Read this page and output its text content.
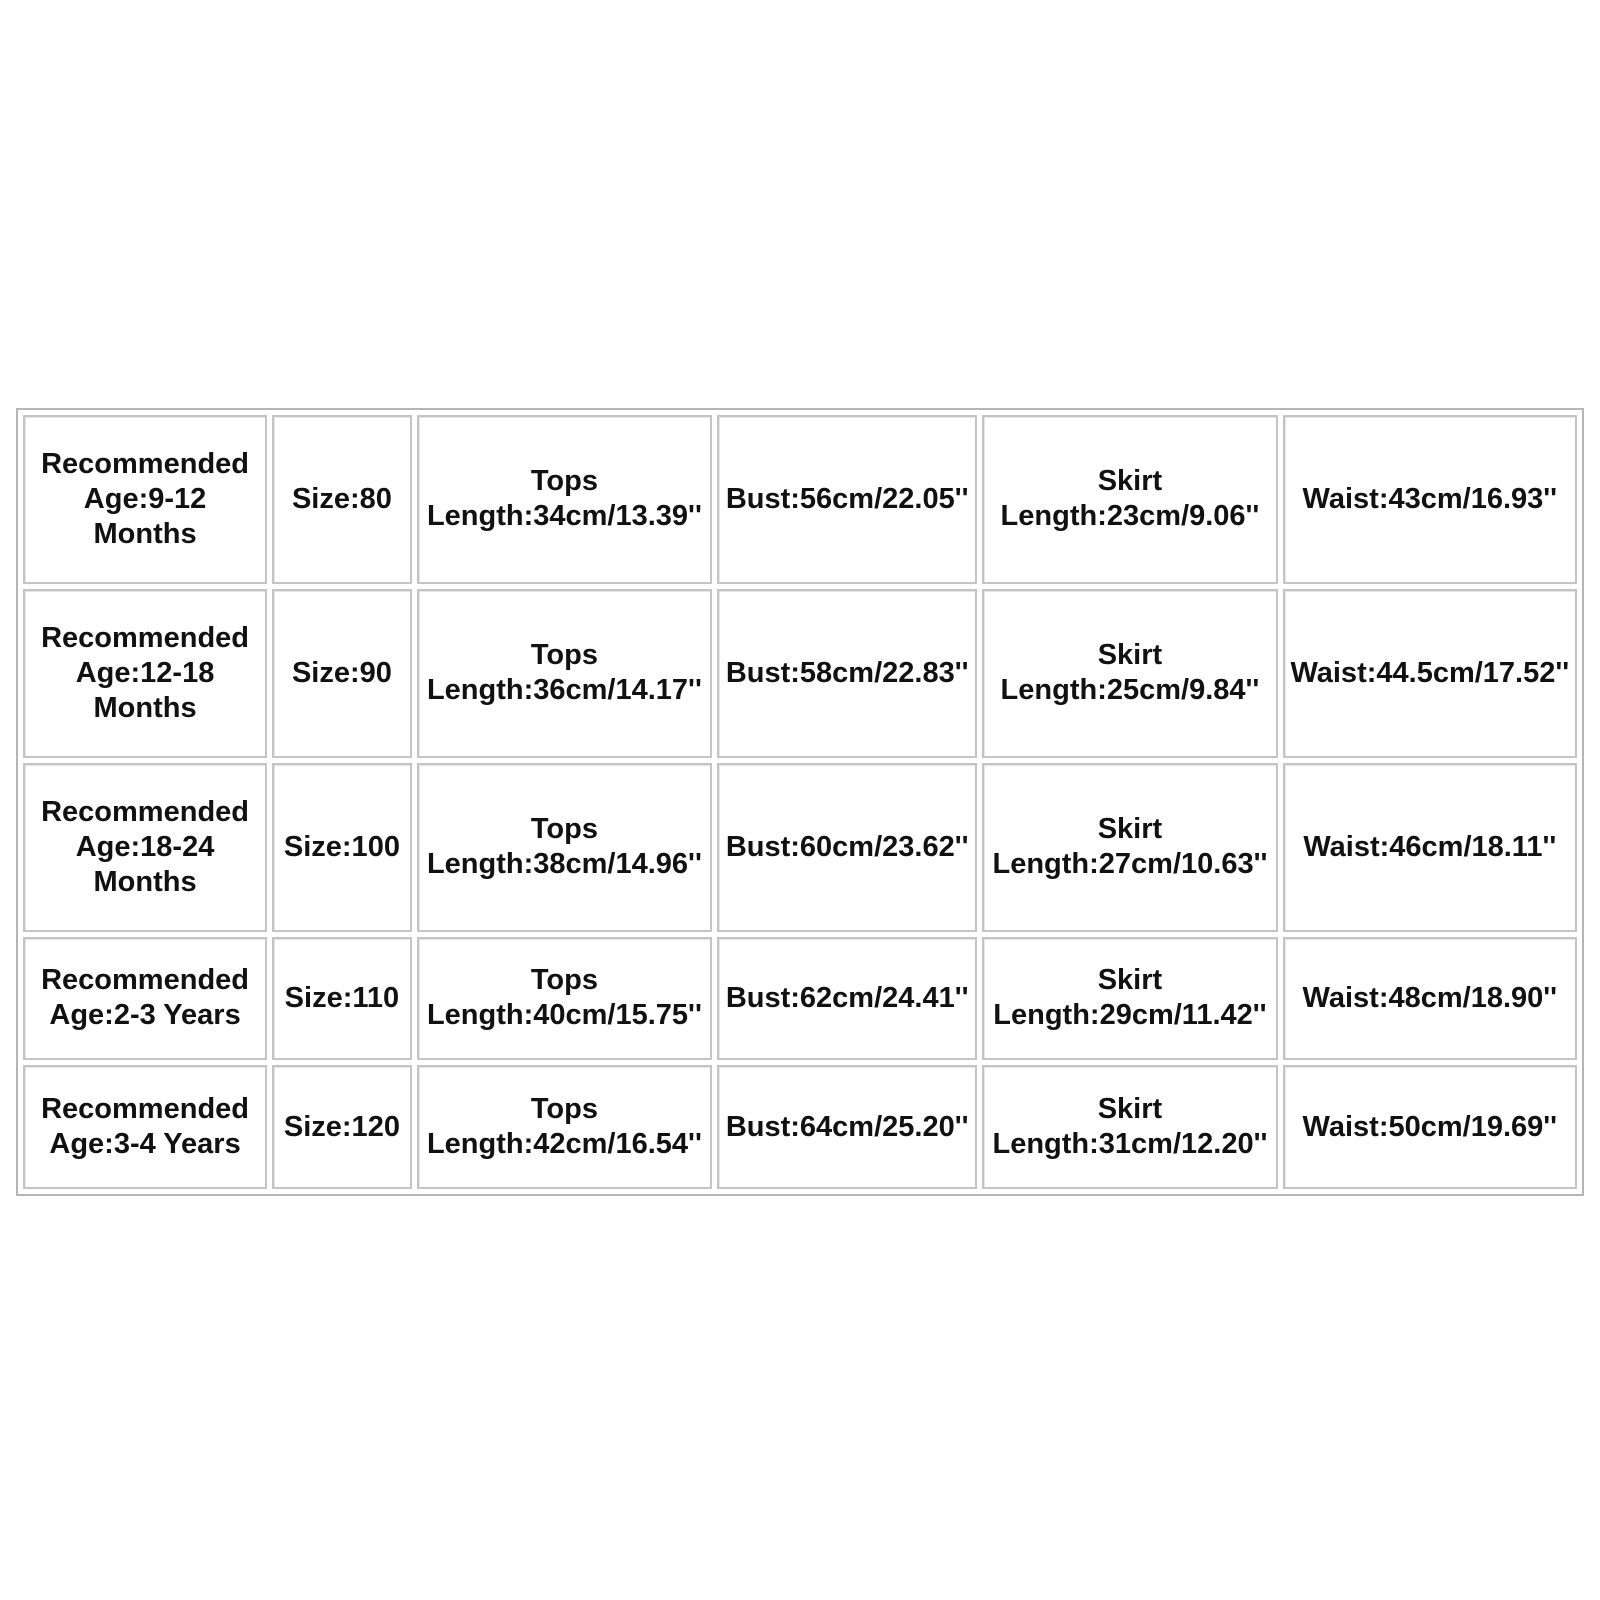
Recommended
Age:9-12
Months	Size:80	Tops
Length:34cm/13.39''	Bust:56cm/22.05''	Skirt
Length:23cm/9.06''	Waist:43cm/16.93''

Recommended
Age:12-18
Months	Size:90	Tops
Length:36cm/14.17''	Bust:58cm/22.83''	Skirt
Length:25cm/9.84''	Waist:44.5cm/17.52''

Recommended
Age:18-24
Months	Size:100	Tops
Length:38cm/14.96''	Bust:60cm/23.62''	Skirt
Length:27cm/10.63''	Waist:46cm/18.11''

Recommended
Age:2-3 Years	Size:110	Tops
Length:40cm/15.75''	Bust:62cm/24.41''	Skirt
Length:29cm/11.42''	Waist:48cm/18.90''

Recommended
Age:3-4 Years	Size:120	Tops
Length:42cm/16.54''	Bust:64cm/25.20''	Skirt
Length:31cm/12.20''	Waist:50cm/19.69''
